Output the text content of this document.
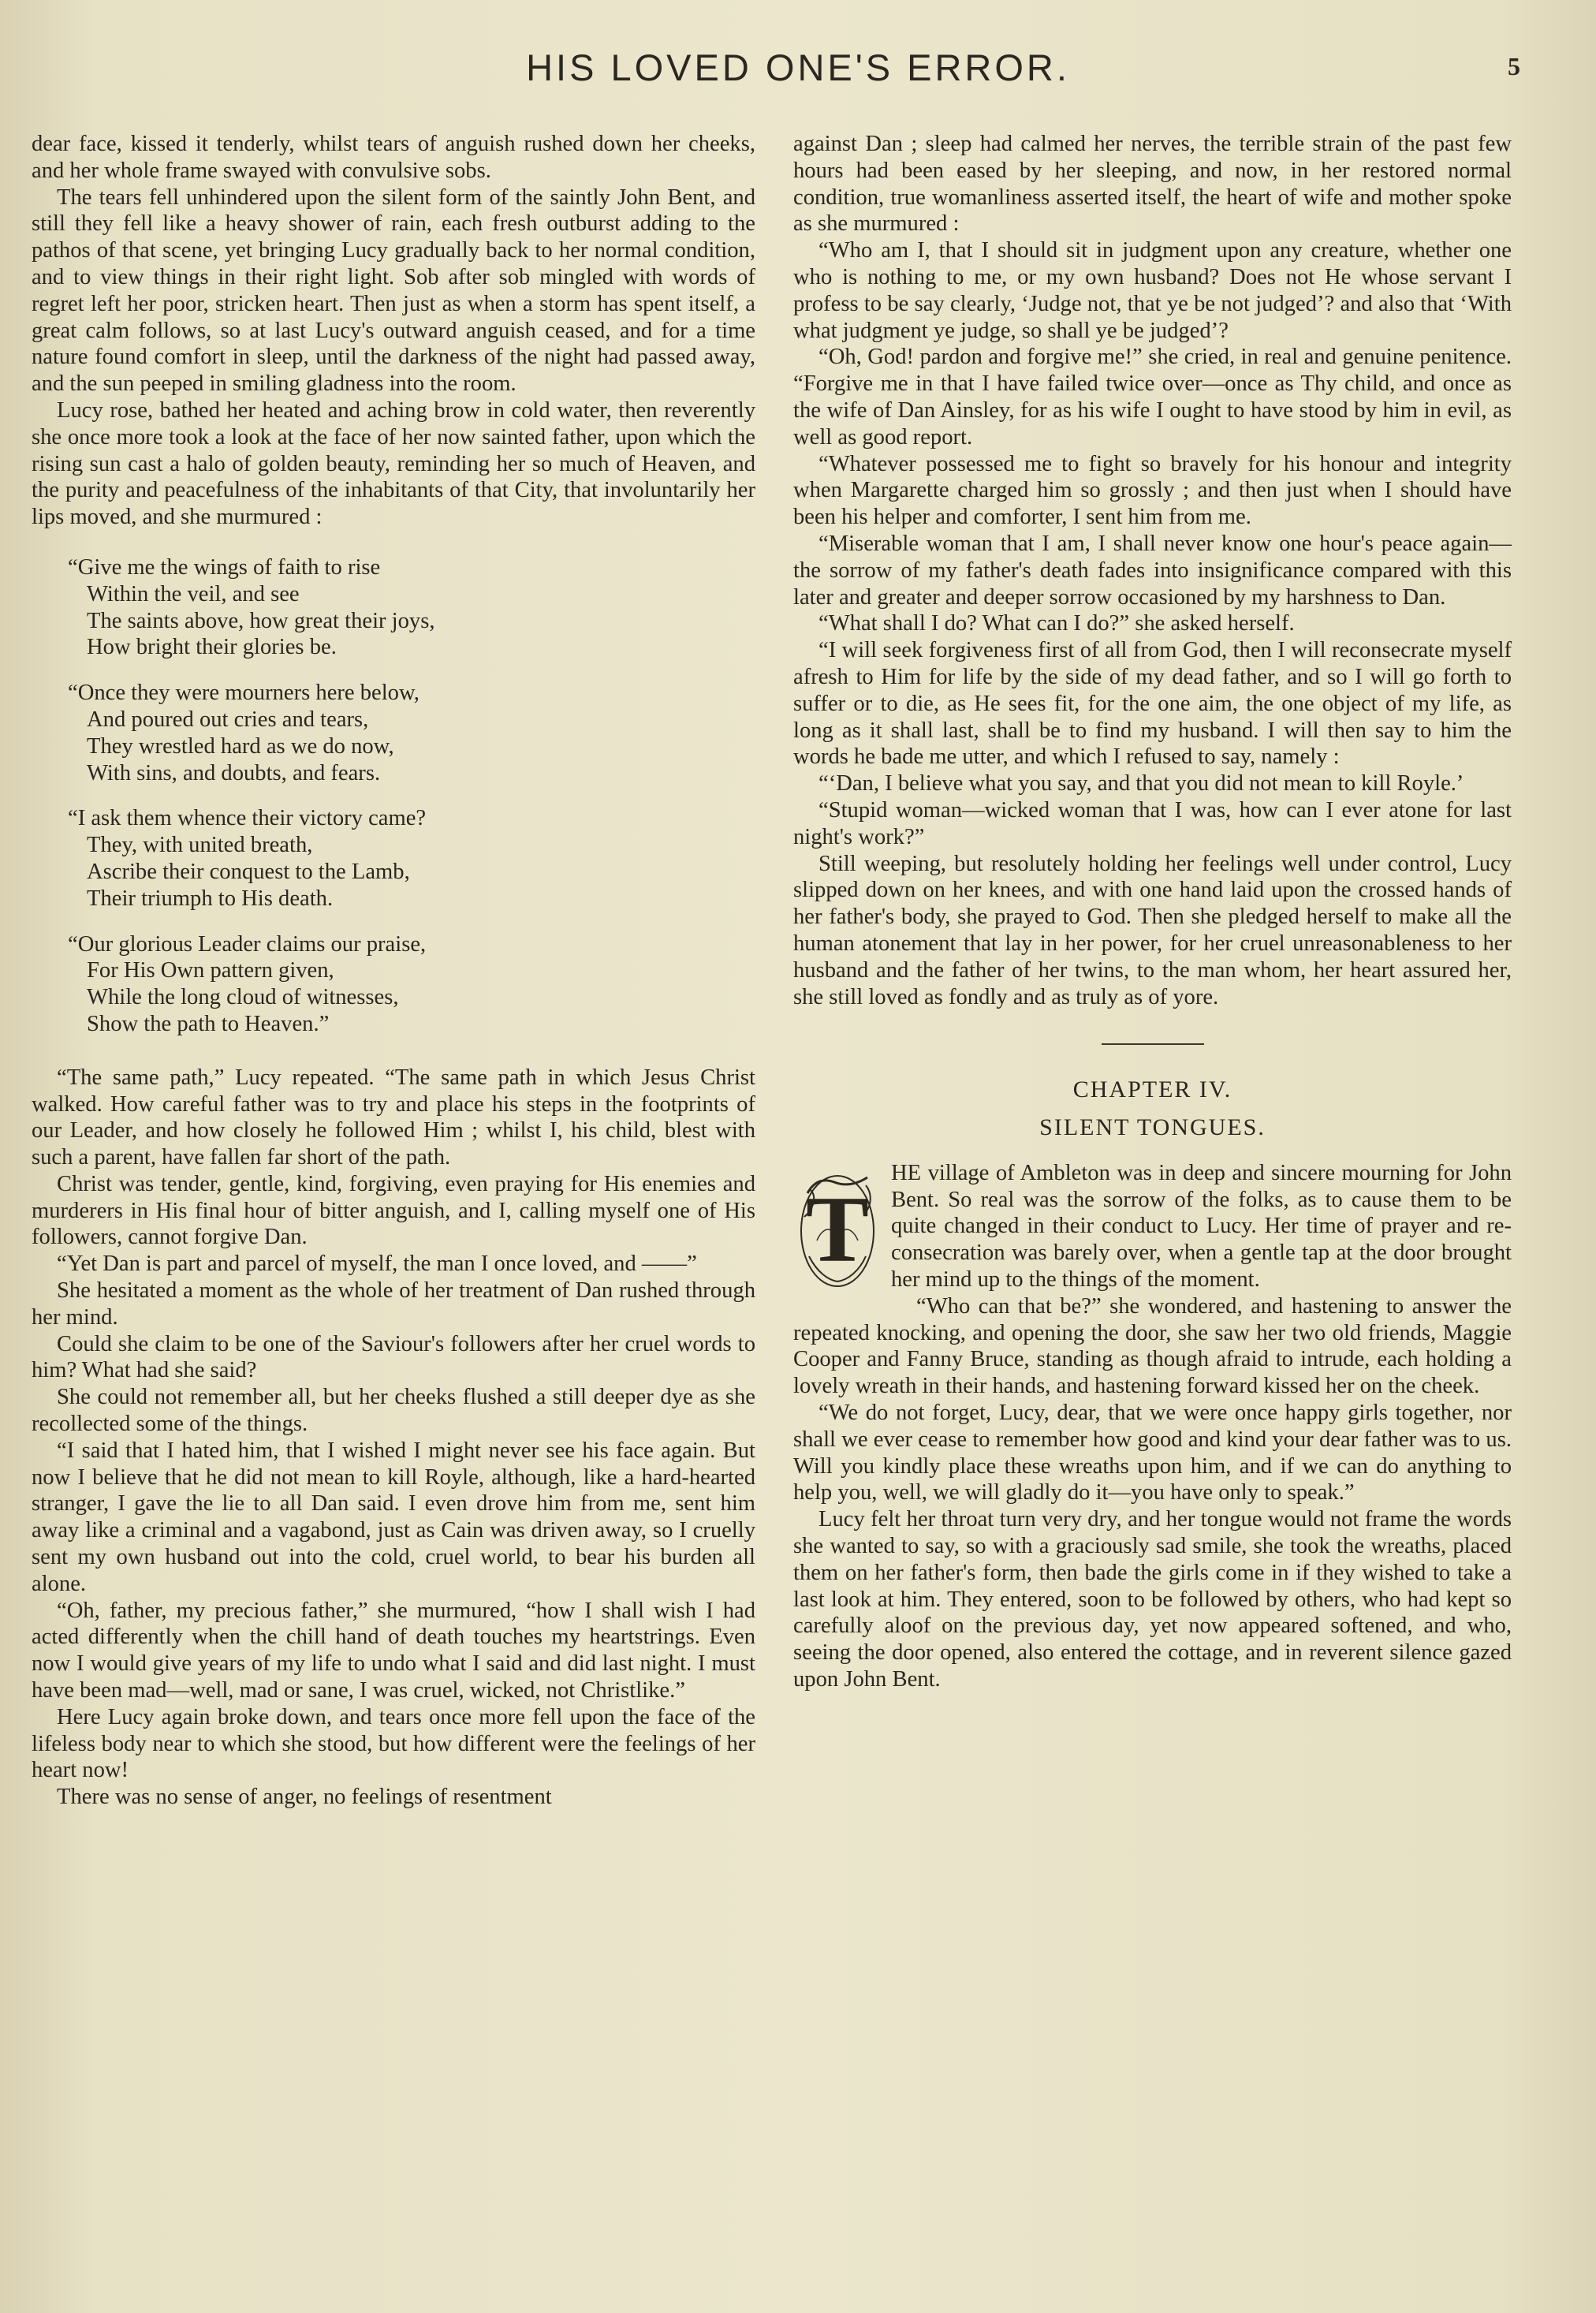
HIS LOVED ONE'S ERROR.	5

dear face, kissed it tenderly, whilst tears of anguish rushed down her cheeks, and her whole frame swayed with convulsive sobs.

The tears fell unhindered upon the silent form of the saintly John Bent, and still they fell like a heavy shower of rain, each fresh outburst adding to the pathos of that scene, yet bringing Lucy gradually back to her normal condition, and to view things in their right light. Sob after sob mingled with words of regret left her poor, stricken heart. Then just as when a storm has spent itself, a great calm follows, so at last Lucy's outward anguish ceased, and for a time nature found comfort in sleep, until the darkness of the night had passed away, and the sun peeped in smiling gladness into the room.

Lucy rose, bathed her heated and aching brow in cold water, then reverently she once more took a look at the face of her now sainted father, upon which the rising sun cast a halo of golden beauty, reminding her so much of Heaven, and the purity and peacefulness of the inhabitants of that City, that involuntarily her lips moved, and she murmured :

“Give me the wings of faith to rise
Within the veil, and see
The saints above, how great their joys,
How bright their glories be.
“Once they were mourners here below,
And poured out cries and tears,
They wrestled hard as we do now,
With sins, and doubts, and fears.
“I ask them whence their victory came?
They, with united breath,
Ascribe their conquest to the Lamb,
Their triumph to His death.
“Our glorious Leader claims our praise,
For His Own pattern given,
While the long cloud of witnesses,
Show the path to Heaven.”

“The same path,” Lucy repeated. “The same path in which Jesus Christ walked. How careful father was to try and place his steps in the footprints of our Leader, and how closely he followed Him ; whilst I, his child, blest with such a parent, have fallen far short of the path.

Christ was tender, gentle, kind, forgiving, even praying for His enemies and murderers in His final hour of bitter anguish, and I, calling myself one of His followers, cannot forgive Dan.

“Yet Dan is part and parcel of myself, the man I once loved, and ——”

She hesitated a moment as the whole of her treatment of Dan rushed through her mind.

Could she claim to be one of the Saviour's followers after her cruel words to him? What had she said?

She could not remember all, but her cheeks flushed a still deeper dye as she recollected some of the things.

“I said that I hated him, that I wished I might never see his face again. But now I believe that he did not mean to kill Royle, although, like a hard-hearted stranger, I gave the lie to all Dan said. I even drove him from me, sent him away like a criminal and a vagabond, just as Cain was driven away, so I cruelly sent my own husband out into the cold, cruel world, to bear his burden all alone.

“Oh, father, my precious father,” she murmured, “how I shall wish I had acted differently when the chill hand of death touches my heartstrings. Even now I would give years of my life to undo what I said and did last night. I must have been mad—well, mad or sane, I was cruel, wicked, not Christlike.”

Here Lucy again broke down, and tears once more fell upon the face of the lifeless body near to which she stood, but how different were the feelings of her heart now!

There was no sense of anger, no feelings of resentment

against Dan ; sleep had calmed her nerves, the terrible strain of the past few hours had been eased by her sleeping, and now, in her restored normal condition, true womanliness asserted itself, the heart of wife and mother spoke as she murmured :

“Who am I, that I should sit in judgment upon any creature, whether one who is nothing to me, or my own husband? Does not He whose servant I profess to be say clearly, ‘Judge not, that ye be not judged’? and also that ‘With what judgment ye judge, so shall ye be judged’?

“Oh, God! pardon and forgive me!” she cried, in real and genuine penitence. “Forgive me in that I have failed twice over—once as Thy child, and once as the wife of Dan Ainsley, for as his wife I ought to have stood by him in evil, as well as good report.

“Whatever possessed me to fight so bravely for his honour and integrity when Margarette charged him so grossly ; and then just when I should have been his helper and comforter, I sent him from me.

“Miserable woman that I am, I shall never know one hour's peace again—the sorrow of my father's death fades into insignificance compared with this later and greater and deeper sorrow occasioned by my harshness to Dan.

“What shall I do? What can I do?” she asked herself.

“I will seek forgiveness first of all from God, then I will reconsecrate myself afresh to Him for life by the side of my dead father, and so I will go forth to suffer or to die, as He sees fit, for the one aim, the one object of my life, as long as it shall last, shall be to find my husband. I will then say to him the words he bade me utter, and which I refused to say, namely :

“‘Dan, I believe what you say, and that you did not mean to kill Royle.’

“Stupid woman—wicked woman that I was, how can I ever atone for last night's work?”

Still weeping, but resolutely holding her feelings well under control, Lucy slipped down on her knees, and with one hand laid upon the crossed hands of her father's body, she prayed to God. Then she pledged herself to make all the human atonement that lay in her power, for her cruel unreasonableness to her husband and the father of her twins, to the man whom, her heart assured her, she still loved as fondly and as truly as of yore.

CHAPTER IV.
SILENT TONGUES.
T

HE village of Ambleton was in deep and sincere mourning for John Bent. So real was the sorrow of the folks, as to cause them to be quite changed in their conduct to Lucy. Her time of prayer and re-consecration was barely over, when a gentle tap at the door brought her mind up to the things of the moment.

“Who can that be?” she wondered, and hastening to answer the repeated knocking, and opening the door, she saw her two old friends, Maggie Cooper and Fanny Bruce, standing as though afraid to intrude, each holding a lovely wreath in their hands, and hastening forward kissed her on the cheek.

“We do not forget, Lucy, dear, that we were once happy girls together, nor shall we ever cease to remember how good and kind your dear father was to us. Will you kindly place these wreaths upon him, and if we can do anything to help you, well, we will gladly do it—you have only to speak.”

Lucy felt her throat turn very dry, and her tongue would not frame the words she wanted to say, so with a graciously sad smile, she took the wreaths, placed them on her father's form, then bade the girls come in if they wished to take a last look at him. They entered, soon to be followed by others, who had kept so carefully aloof on the previous day, yet now appeared softened, and who, seeing the door opened, also entered the cottage, and in reverent silence gazed upon John Bent.
